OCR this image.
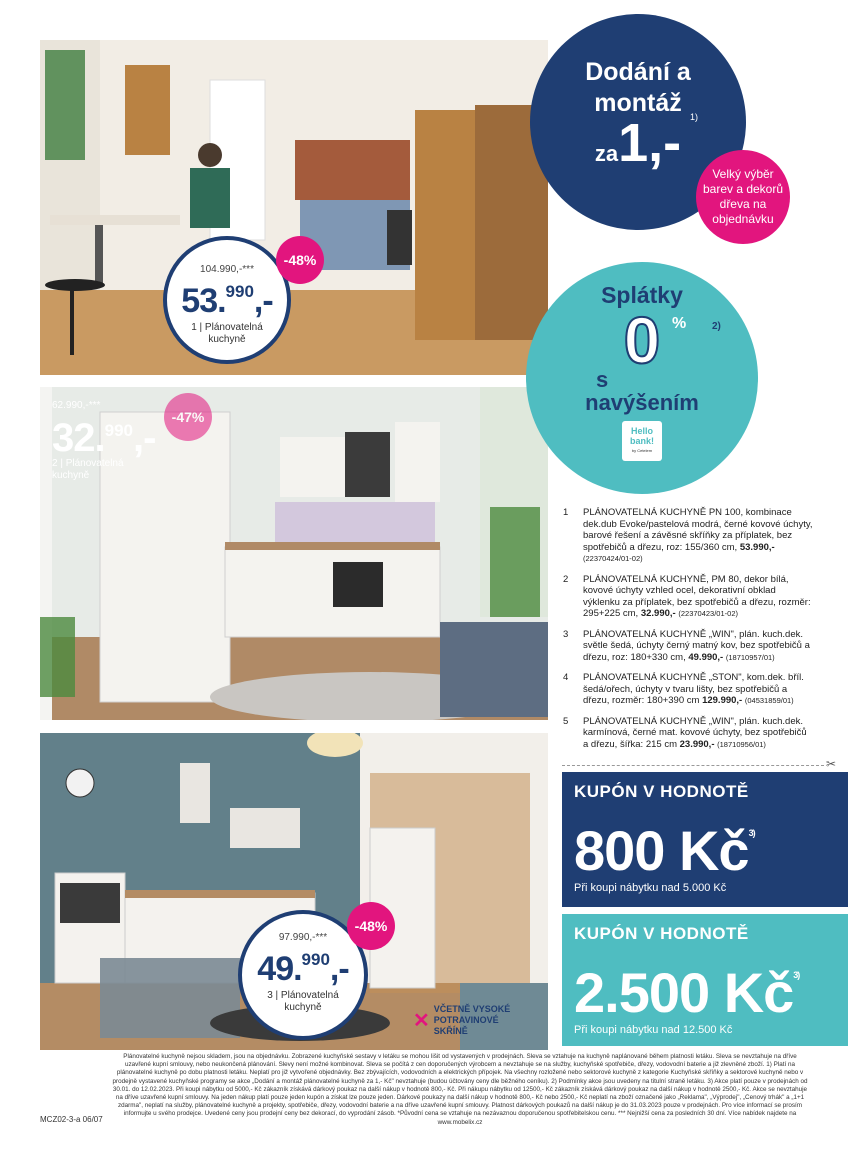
104.990,-***
53.$^{990}$,-
1 | Plánovatelná kuchyně
-48%
62.990,-***
32.$^{990}$,-
2 | Plánovatelná kuchyně
-47%
97.990,-***
49.$^{990}$,-
3 | Plánovatelná kuchyně
-48%
✕
VČETNĚ VYSOKÉ POTRAVINOVÉ SKŘÍNĚ
Dodání a
montáž
za1,- 1)
Velký výběr barev a dekorů dřeva na objednávku
Splátky
0 %	2)
s
navýšením
Hello
bank!
by Cetelem
1	PLÁNOVATELNÁ KUCHYNĚ PN 100, kombinace dek.dub Evoke/pastelová modrá, černé kovové úchyty, barové řešení a závěsné skříňky za příplatek, bez spotřebičů a dřezu, roz: 155/360 cm, 53.990,- (22370424/01-02)
2	PLÁNOVATELNÁ KUCHYNĚ, PM 80, dekor bílá, kovové úchyty vzhled ocel, dekorativní obklad výklenku za příplatek, bez spotřebičů a dřezu, rozměr: 295+225 cm, 32.990,- (22370423/01-02)
3	PLÁNOVATELNÁ KUCHYNĚ „WIN", plán. kuch.dek. světle šedá, úchyty černý matný kov, bez spotřebičů a dřezu, roz: 180+330 cm, 49.990,- (18710957/01)
4	PLÁNOVATELNÁ KUCHYNĚ „STON", kom.dek. bříl. šedá/ořech, úchyty v tvaru lišty, bez spotřebičů a dřezu, rozměr: 180+390 cm 129.990,- (04531859/01)
5	PLÁNOVATELNÁ KUCHYNĚ „WIN", plán. kuch.dek. karmínová, černé mat. kovové úchyty, bez spotřebičů a dřezu, šířka: 215 cm 23.990,- (18710956/01)
✂
KUPÓN V HODNOTĚ
800 $Kč^{3)}$
Při koupi nábytku nad 5.000 Kč
KUPÓN V HODNOTĚ
2.500 $Kč^{3)}$
Při koupi nábytku nad 12.500 Kč
Plánovatelné kuchyně nejsou skladem, jsou na objednávku. Zobrazené kuchyňské sestavy v letáku se mohou lišit od vystavených v prodejnách. Sleva se vztahuje na kuchyně naplánované během platnosti letáku. Sleva se nevztahuje na dříve uzavřené kupní smlouvy, nebo neukončená plánování. Slevy není možné kombinovat. Sleva se počítá z cen doporučených výrobcem a nevztahuje se na služby, kuchyňské spotřebiče, dřezy, vodovodní baterie a již zlevněné zboží. 1) Platí na plánovatelné kuchyně po dobu platnosti letáku. Neplatí pro již vytvořené objednávky. Bez zbývajících, vodovodních a elektrických přípojek. Na všechny rozložené nebo sektorové kuchyně z kategorie Kuchyňské skříňky a sektorové kuchyně nebo v prodejně vystavené kuchyňské programy se akce „Dodání a montáž plánovatelné kuchyně za 1,- Kč" nevztahuje (budou účtovány ceny dle běžného ceníku). 2) Podmínky akce jsou uvedeny na titulní straně letáku. 3) Akce platí pouze v prodejnách od 30.01. do 12.02.2023. Při koupi nábytku od 5000,- Kč zákazník získává dárkový poukaz na další nákup v hodnotě 800,- Kč. Při nákupu nábytku od 12500,- Kč zákazník získává dárkový poukaz na další nákup v hodnotě 2500,- Kč. Akce se nevztahuje na dříve uzavřené kupní smlouvy. Na jeden nákup platí pouze jeden kupón a získat lze pouze jeden. Dárkové poukazy na další nákup v hodnotě 800,- Kč nebo 2500,- Kč neplatí na zboží označené jako „Reklama", „Výprodej", „Cenový trhák" a „1+1 zdarma", neplatí na služby, plánovatelné kuchyně a projekty, spotřebiče, dřezy, vodovodní baterie a na dříve uzavřené kupní smlouvy. Platnost dárkových poukazů na další nákup je do 31.03.2023 pouze v prodejnách. Pro více informací se prosím informujte u svého prodejce. Uvedené ceny jsou prodejní ceny bez dekorací, do vyprodání zásob. *Původní cena se vztahuje na nezávaznou doporučenou spotřebitelskou cenu. *** Nejnižší cena za posledních 30 dní. Více nabídek najdete na www.mobelix.cz
MCZ02-3-a 06/07
